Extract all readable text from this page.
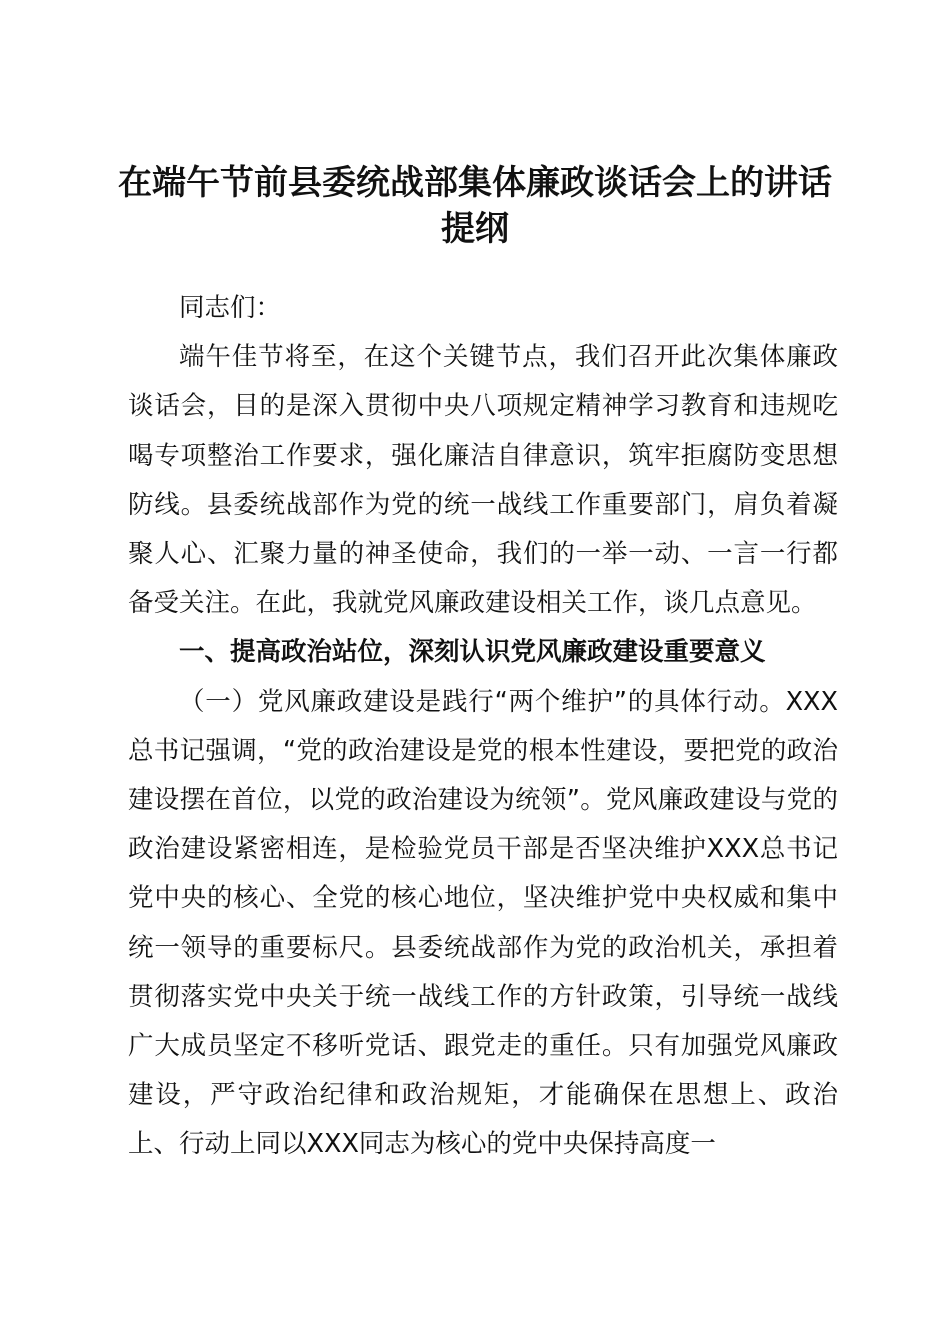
在端午节前县委统战部集体廉政谈话会上的讲话提纲

同志们：

端午佳节将至，在这个关键节点，我们召开此次集体廉政谈话会，目的是深入贯彻中央八项规定精神学习教育和违规吃喝专项整治工作要求，强化廉洁自律意识，筑牢拒腐防变思想防线。县委统战部作为党的统一战线工作重要部门，肩负着凝聚人心、汇聚力量的神圣使命，我们的一举一动、一言一行都备受关注。在此，我就党风廉政建设相关工作，谈几点意见。

一、提高政治站位，深刻认识党风廉政建设重要意义

（一）党风廉政建设是践行“两个维护”的具体行动。XXX总书记强调，“党的政治建设是党的根本性建设，要把党的政治建设摆在首位，以党的政治建设为统领”。党风廉政建设与党的政治建设紧密相连，是检验党员干部是否坚决维护XXX总书记党中央的核心、全党的核心地位，坚决维护党中央权威和集中统一领导的重要标尺。县委统战部作为党的政治机关，承担着贯彻落实党中央关于统一战线工作的方针政策，引导统一战线广大成员坚定不移听党话、跟党走的重任。只有加强党风廉政建设，严守政治纪律和政治规矩，才能确保在思想上、政治上、行动上同以XXX同志为核心的党中央保持高度一
